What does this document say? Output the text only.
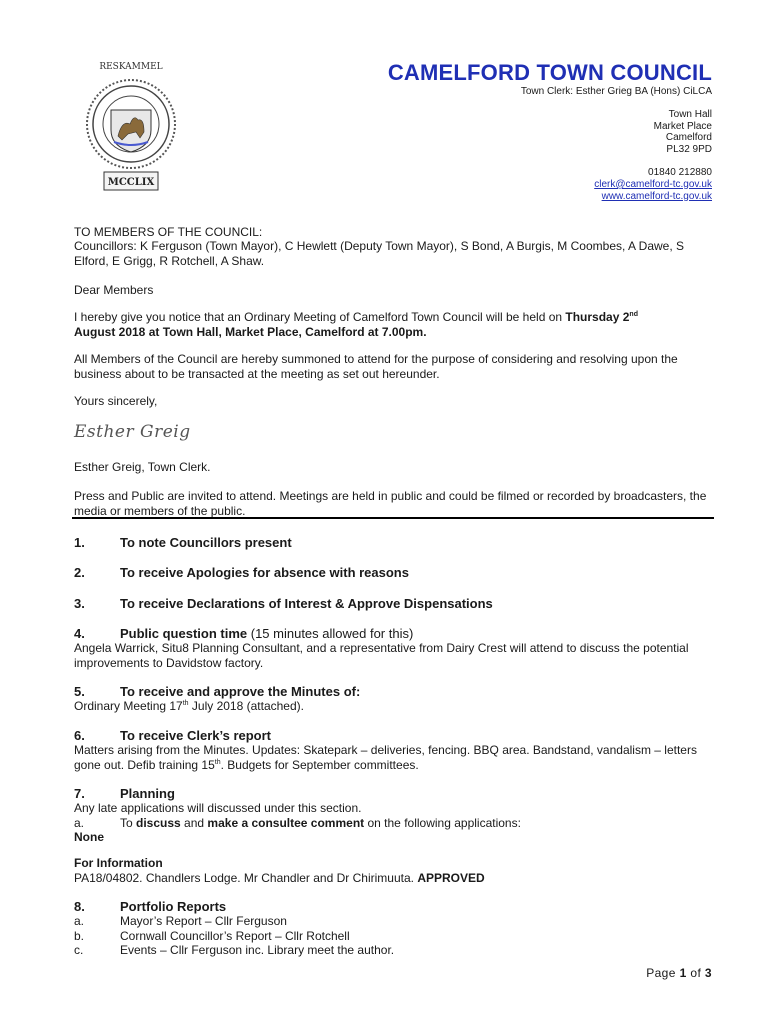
RESKAMMEL
MCCLIX
CAMELFORD TOWN COUNCIL
Town Clerk: Esther Grieg BA (Hons) CiLCA
Town Hall
Market Place
Camelford
PL32 9PD
01840 212880
clerk@camelford-tc.gov.uk
www.camelford-tc.gov.uk
TO MEMBERS OF THE COUNCIL:
Councillors: K Ferguson (Town Mayor), C Hewlett (Deputy Town Mayor), S Bond, A Burgis, M Coombes, A Dawe, S Elford, E Grigg, R Rotchell, A Shaw.
Dear Members
I hereby give you notice that an Ordinary Meeting of Camelford Town Council will be held on Thursday 2nd
August 2018 at Town Hall, Market Place, Camelford at 7.00pm.
All Members of the Council are hereby summoned to attend for the purpose of considering and resolving upon the business about to be transacted at the meeting as set out hereunder.
Yours sincerely,
Esther Greig
Esther Greig, Town Clerk.
Press and Public are invited to attend. Meetings are held in public and could be filmed or recorded by broadcasters, the media or members of the public.
1.	To note Councillors present
2.	To receive Apologies for absence with reasons
3.	To receive Declarations of Interest & Approve Dispensations
4.	Public question time (15 minutes allowed for this)
Angela Warrick, Situ8 Planning Consultant, and a representative from Dairy Crest will attend to discuss the potential improvements to Davidstow factory.
5.	To receive and approve the Minutes of:
Ordinary Meeting 17th July 2018 (attached).
6.	To receive Clerk’s report
Matters arising from the Minutes. Updates: Skatepark – deliveries, fencing. BBQ area. Bandstand, vandalism – letters gone out. Defib training 15th. Budgets for September committees.
7.	Planning
Any late applications will discussed under this section.
a.	To discuss and make a consultee comment on the following applications:
None
For Information
PA18/04802. Chandlers Lodge. Mr Chandler and Dr Chirimuuta. APPROVED
8.	Portfolio Reports
a.	Mayor’s Report – Cllr Ferguson
b.	Cornwall Councillor’s Report – Cllr Rotchell
c.	Events – Cllr Ferguson inc. Library meet the author.
Page 1 of 3
